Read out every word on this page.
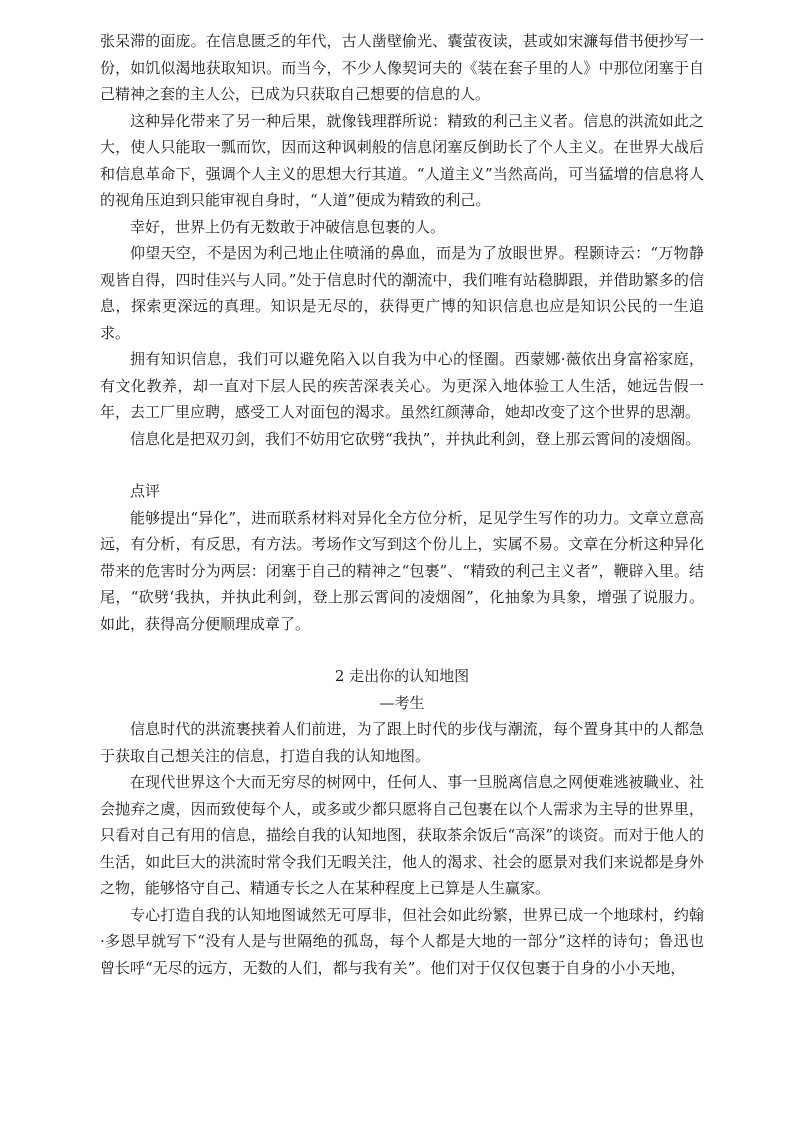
张呆滞的面庞。在信息匮乏的年代，古人凿壁偷光、囊萤夜读，甚或如宋濂每借书便抄写一份，如饥似渴地获取知识。而当今，不少人像契诃夫的《装在套子里的人》中那位闭塞于自己精神之套的主人公，已成为只获取自己想要的信息的人。

这种异化带来了另一种后果，就像钱理群所说：精致的利己主义者。信息的洪流如此之大，使人只能取一瓢而饮，因而这种讽刺般的信息闭塞反倒助长了个人主义。在世界大战后和信息革命下，强调个人主义的思想大行其道。“人道主义”当然高尚，可当猛增的信息将人的视角压迫到只能审视自身时，“人道”便成为精致的利己。

幸好，世界上仍有无数敢于冲破信息包裹的人。

仰望天空，不是因为利己地止住喷涌的鼻血，而是为了放眼世界。程颢诗云：“万物静观皆自得，四时佳兴与人同。”处于信息时代的潮流中，我们唯有站稳脚跟，并借助繁多的信息，探索更深远的真理。知识是无尽的，获得更广博的知识信息也应是知识公民的一生追求。

拥有知识信息，我们可以避免陷入以自我为中心的怪圈。西蒙娜·薇依出身富裕家庭，有文化教养，却一直对下层人民的疾苦深表关心。为更深入地体验工人生活，她远告假一年，去工厂里应聘，感受工人对面包的渴求。虽然红颜薄命，她却改变了这个世界的思潮。

信息化是把双刃剑，我们不妨用它砍劈“我执”，并执此利剑，登上那云霄间的凌烟阁。

点评

能够提出“异化”，进而联系材料对异化全方位分析，足见学生写作的功力。文章立意高远，有分析，有反思，有方法。考场作文写到这个份儿上，实属不易。文章在分析这种异化带来的危害时分为两层：闭塞于自己的精神之“包裹”、“精致的利己主义者”，鞭辟入里。结尾，“砍劈‘我执，并执此利剑，登上那云霄间的凌烟阁”，化抽象为具象，增强了说服力。如此，获得高分便顺理成章了。

2 走出你的认知地图

—考生

信息时代的洪流裹挟着人们前进，为了跟上时代的步伐与潮流，每个置身其中的人都急于获取自己想关注的信息，打造自我的认知地图。

在现代世界这个大而无穷尽的树网中，任何人、事一旦脱离信息之网便难逃被職业、社会抛弃之虞，因而致使每个人，或多或少都只愿将自己包裹在以个人需求为主导的世界里，只看对自己有用的信息，描绘自我的认知地图，获取茶余饭后“高深”的谈资。而对于他人的生活，如此巨大的洪流时常令我们无暇关注，他人的渴求、社会的愿景对我们来说都是身外之物，能够恪守自己、精通专长之人在某种程度上已算是人生赢家。

专心打造自我的认知地图诚然无可厚非，但社会如此纷繁，世界已成一个地球村，约翰·多恩早就写下“没有人是与世隔绝的孤岛，每个人都是大地的一部分”这样的诗句；鲁迅也曾长呼“无尽的远方，无数的人们，都与我有关”。他们对于仅仅包裹于自身的小小天地，
